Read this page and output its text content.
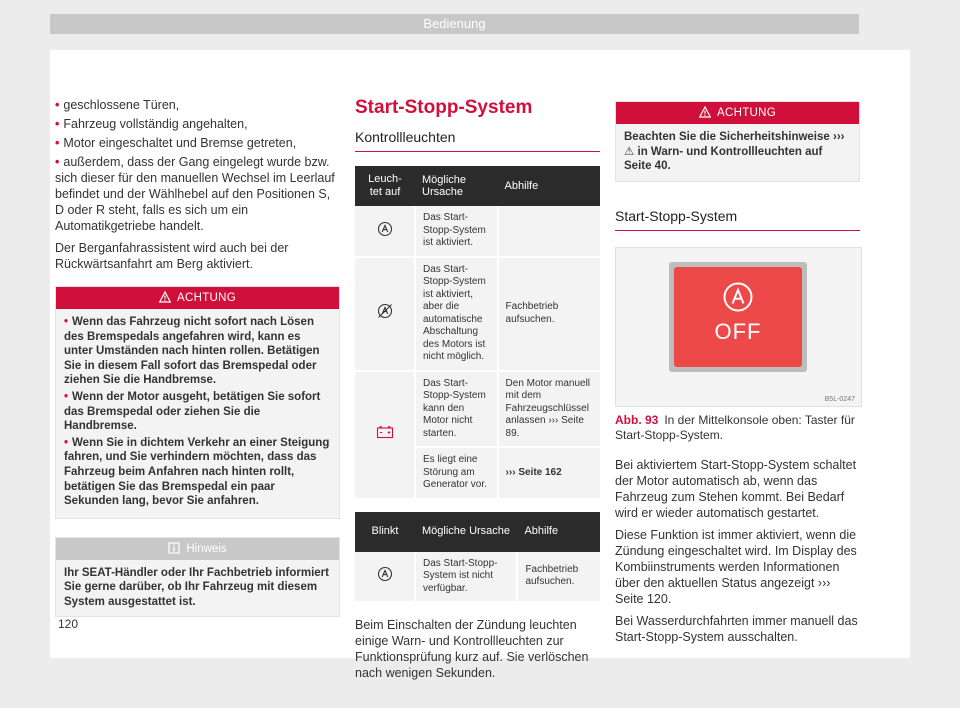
Bedienung
• geschlossene Türen,
• Fahrzeug vollständig angehalten,
• Motor eingeschaltet und Bremse getreten,
• außerdem, dass der Gang eingelegt wurde bzw. sich dieser für den manuellen Wechsel im Leerlauf befindet und der Wählhebel auf den Positionen S, D oder R steht, falls es sich um ein Automatikgetriebe handelt.

Der Berganfahrassistent wird auch bei der Rückwärtsanfahrt am Berg aktiviert.

ACHTUNG
• Wenn das Fahrzeug nicht sofort nach Lösen des Bremspedals angefahren wird, kann es unter Umständen nach hinten rollen. Betätigen Sie in diesem Fall sofort das Bremspedal oder ziehen Sie die Handbremse.
• Wenn der Motor ausgeht, betätigen Sie sofort das Bremspedal oder ziehen Sie die Handbremse.
• Wenn Sie in dichtem Verkehr an einer Steigung fahren, und Sie verhindern möchten, dass das Fahrzeug beim Anfahren nach hinten rollt, betätigen Sie das Bremspedal ein paar Sekunden lang, bevor Sie anfahren.
Hinweis
Ihr SEAT-Händler oder Ihr Fachbetrieb informiert Sie gerne darüber, ob Ihr Fahrzeug mit diesem System ausgestattet ist.
Start-Stopp-System
Kontrollleuchten
Leuch-
tet auf	Mögliche Ursache	Abhilfe
	Das Start-Stopp-System ist aktiviert.	
	Das Start-Stopp-System ist aktiviert, aber die automatische Abschaltung des Motors ist nicht möglich.	Fachbetrieb aufsuchen.
	Das Start-Stopp-System kann den Motor nicht starten.	Den Motor manuell mit dem Fahrzeugschlüssel anlassen ››› Seite 89.
	Es liegt eine Störung am Generator vor.	››› Seite 162
Blinkt	Mögliche Ursache	Abhilfe
	Das Start-Stopp-System ist nicht verfügbar.	Fachbetrieb aufsuchen.

Beim Einschalten der Zündung leuchten einige Warn- und Kontrollleuchten zur Funktionsprüfung kurz auf. Sie verlöschen nach wenigen Sekunden.

ACHTUNG
Beachten Sie die Sicherheitshinweise ››› ⚠ in Warn- und Kontrollleuchten auf Seite 40.
Start-Stopp-System
OFF
B5L-0247
Abb. 93 In der Mittelkonsole oben: Taster für Start-Stopp-System.

Bei aktiviertem Start-Stopp-System schaltet der Motor automatisch ab, wenn das Fahrzeug zum Stehen kommt. Bei Bedarf wird er wieder automatisch gestartet.

Diese Funktion ist immer aktiviert, wenn die Zündung eingeschaltet wird. Im Display des Kombiinstruments werden Informationen über den aktuellen Status angezeigt ››› Seite 120.

Bei Wasserdurchfahrten immer manuell das Start-Stopp-System ausschalten.

120
